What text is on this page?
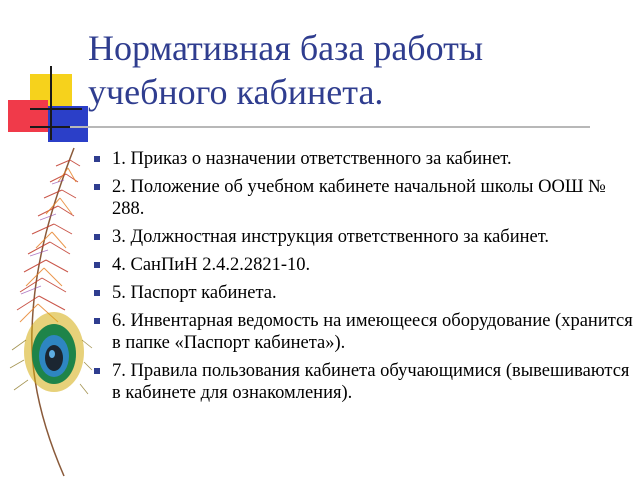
Нормативная база работы учебного кабинета.
1. Приказ о назначении ответственного за кабинет.
2. Положение об учебном кабинете начальной школы ООШ № 288.
3. Должностная инструкция ответственного за кабинет.
4. СанПиН 2.4.2.2821-10.
5. Паспорт кабинета.
6. Инвентарная ведомость на имеющееся оборудование (хранится в папке «Паспорт кабинета»).
7. Правила пользования кабинета обучающимися (вывешиваются в кабинете для ознакомления).
